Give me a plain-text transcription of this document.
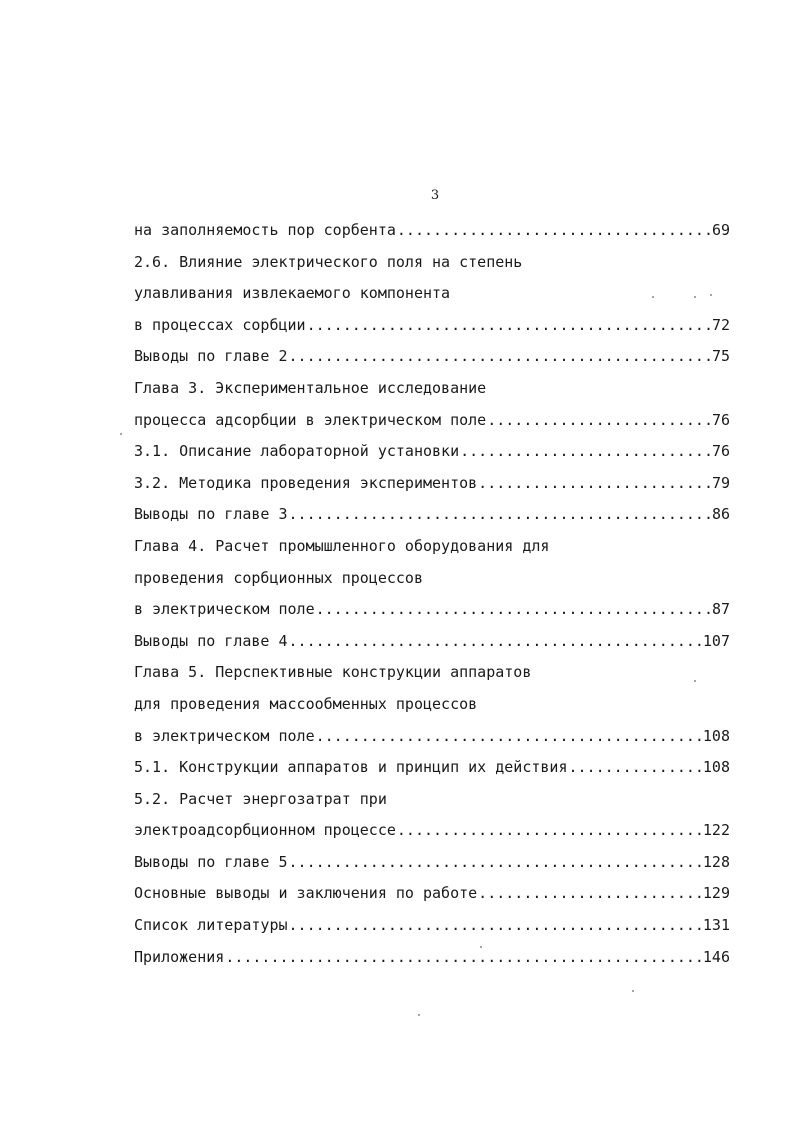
3
на заполняемость пор сорбента .....	69
2.6. Влияние электрического поля на степень
улавливания извлекаемого компонента
в процессах сорбции .....	72
Выводы по главе 2 .....	75
Глава 3. Экспериментальное исследование
процесса адсорбции в электрическом поле .....	76
3.1. Описание лабораторной установки .....	76
3.2. Методика проведения экспериментов .....	79
Выводы по главе 3 .....	86
Глава 4. Расчет промышленного оборудования для
проведения сорбционных процессов
в электрическом поле .....	87
Выводы по главе 4 .....	107
Глава 5. Перспективные конструкции аппаратов
для проведения массообменных процессов
в электрическом поле .....	108
5.1. Конструкции аппаратов и принцип их действия .....	108
5.2. Расчет энергозатрат при
электроадсорбционном процессе .....	122
Выводы по главе 5 .....	128
Основные выводы и заключения по работе .....	129
Список литературы .....	131
Приложения .....	146
